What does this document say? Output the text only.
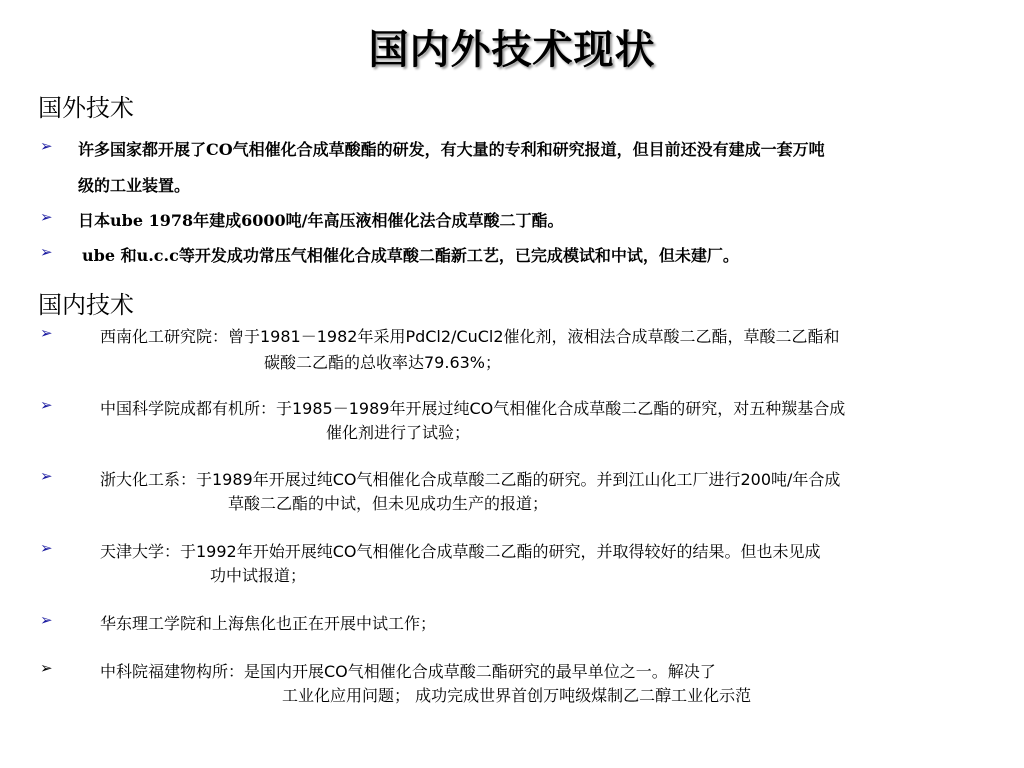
国内外技术现状
国外技术
➢ 许多国家都开展了CO气相催化合成草酸酯的研发，有大量的专利和研究报道，但目前还没有建成一套万吨
级的工业装置。
➢ 日本ube 1978年建成6000吨/年高压液相催化法合成草酸二丁酯。
➢ ube 和u.c.c等开发成功常压气相催化合成草酸二酯新工艺，已完成模试和中试，但未建厂。
国内技术
➢	西南化工研究院：曾于1981－1982年采用PdCl2/CuCl2催化剂，液相法合成草酸二乙酯，草酸二乙酯和
碳酸二乙酯的总收率达79.63%；
➢	中国科学院成都有机所：于1985－1989年开展过纯CO气相催化合成草酸二乙酯的研究，对五种羰基合成
催化剂进行了试验；
➢	浙大化工系：于1989年开展过纯CO气相催化合成草酸二乙酯的研究。并到江山化工厂进行200吨/年合成
草酸二乙酯的中试，但未见成功生产的报道；
➢	天津大学：于1992年开始开展纯CO气相催化合成草酸二乙酯的研究，并取得较好的结果。但也未见成
功中试报道；
➢	华东理工学院和上海焦化也正在开展中试工作；
➢	中科院福建物构所：是国内开展CO气相催化合成草酸二酯研究的最早单位之一。解决了
工业化应用问题； 成功完成世界首创万吨级煤制乙二醇工业化示范
